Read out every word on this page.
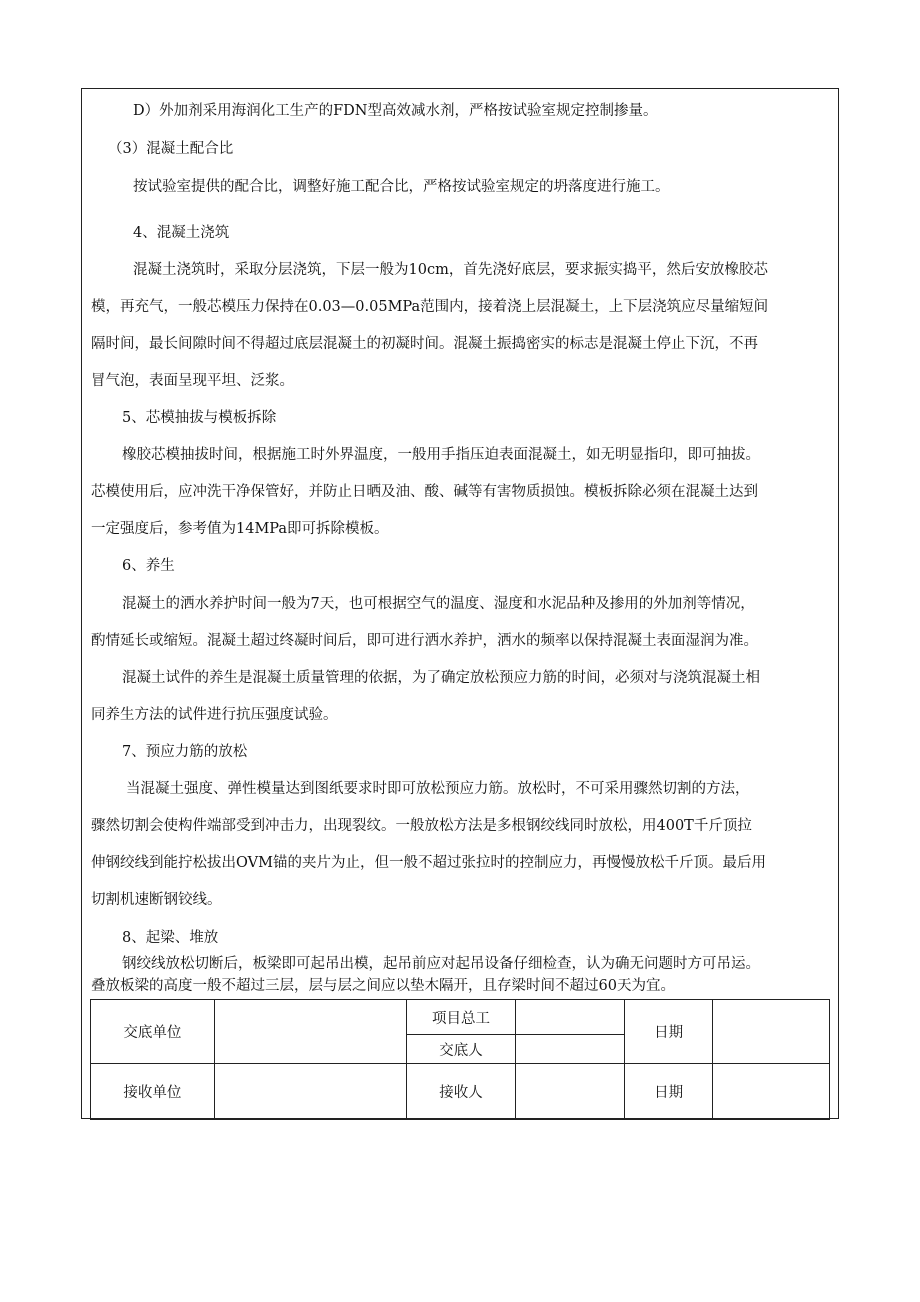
D）外加剂采用海润化工生产的FDN型高效减水剂，严格按试验室规定控制掺量。
（3）混凝土配合比
按试验室提供的配合比，调整好施工配合比，严格按试验室规定的坍落度进行施工。
4、混凝土浇筑
混凝土浇筑时，采取分层浇筑，下层一般为10cm，首先浇好底层，要求振实捣平，然后安放橡胶芯
模，再充气，一般芯模压力保持在0.03—0.05MPa范围内，接着浇上层混凝土，上下层浇筑应尽量缩短间
隔时间，最长间隙时间不得超过底层混凝土的初凝时间。混凝土振捣密实的标志是混凝土停止下沉，不再
冒气泡，表面呈现平坦、泛浆。
5、芯模抽拔与模板拆除
橡胶芯模抽拔时间，根据施工时外界温度，一般用手指压迫表面混凝土，如无明显指印，即可抽拔。
芯模使用后，应冲洗干净保管好，并防止日晒及油、酸、碱等有害物质损蚀。模板拆除必须在混凝土达到
一定强度后，参考值为14MPa即可拆除模板。
6、养生
混凝土的洒水养护时间一般为7天，也可根据空气的温度、湿度和水泥品种及掺用的外加剂等情况，
酌情延长或缩短。混凝土超过终凝时间后，即可进行洒水养护，洒水的频率以保持混凝土表面湿润为准。
混凝土试件的养生是混凝土质量管理的依据，为了确定放松预应力筋的时间，必须对与浇筑混凝土相
同养生方法的试件进行抗压强度试验。
7、预应力筋的放松
当混凝土强度、弹性模量达到图纸要求时即可放松预应力筋。放松时，不可采用骤然切割的方法，
骤然切割会使构件端部受到冲击力，出现裂纹。一般放松方法是多根钢绞线同时放松，用400T千斤顶拉
伸钢绞线到能拧松拔出OVM锚的夹片为止，但一般不超过张拉时的控制应力，再慢慢放松千斤顶。最后用
切割机速断钢铰线。
8、起梁、堆放
钢绞线放松切断后，板梁即可起吊出模，起吊前应对起吊设备仔细检查，认为确无问题时方可吊运。
叠放板梁的高度一般不超过三层，层与层之间应以垫木隔开，且存梁时间不超过60天为宜。
交底单位		项目总工		日期	
		交底人			
接收单位		接收人		日期	
